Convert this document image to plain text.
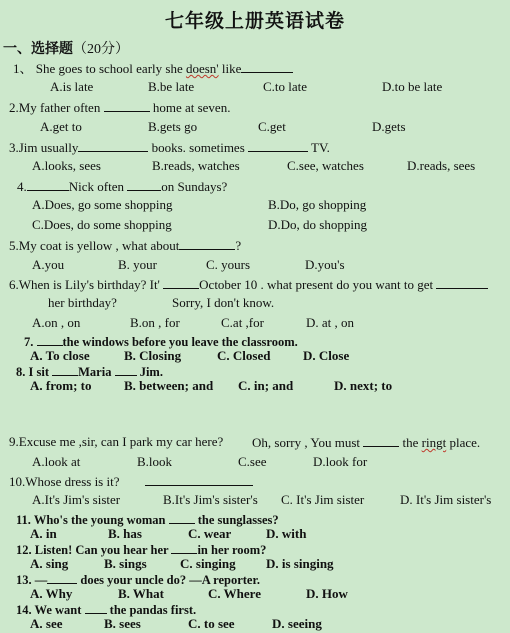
七年级上册英语试卷
一、选择题（20分）
1、 She goes to school early she doesn' like
A.is late	B.be late	C.to late	D.to be late
2.My father often	home at seven.
A.get to	B.gets go	C.get	D.gets
3.Jim usually	books. sometimes	TV.
A.looks, sees	B.reads, watches	C.see, watches	D.reads, sees
4.	Nick often	on Sundays?
A.Does, go some shopping	B.Do, go shopping
C.Does, do some shopping	D.Do, do shopping
5.My coat is yellow , what about	?
A.you	B. your	C. yours	D.you's
6.When is Lily's birthday? It'	October 10 . what present do you want to get
her birthday?	Sorry, I don't know.
A.on , on	B.on , for	C.at ,for	D. at , on
7. the windows before you leave the classroom.
A. To close	B. Closing	C. Closed	D. Close
8. I sit Maria Jim.
A. from; to	B. between; and C. in; and	D. next; to
9.Excuse me ,sir, can I park my car here? Oh, sorry , You must	the ringt place.
A.look at	B.look	C.see	D.look for
10.Whose dress is it?
A.It's Jim's sister	B.It's Jim's sister's C. It's Jim sister	D. It's Jim sister's
11. Who's the young woman	the sunglasses?
A. in	B. has	C. wear	D. with
12. Listen! Can you hear her in her room?
A. sing	B. sings	C. singing D. is singing
13. —	does your uncle do? —A reporter.
A. Why	B. What	C. Where	D. How
14. We want the pandas first.
A. see	B. sees	C. to see	D. seeing
